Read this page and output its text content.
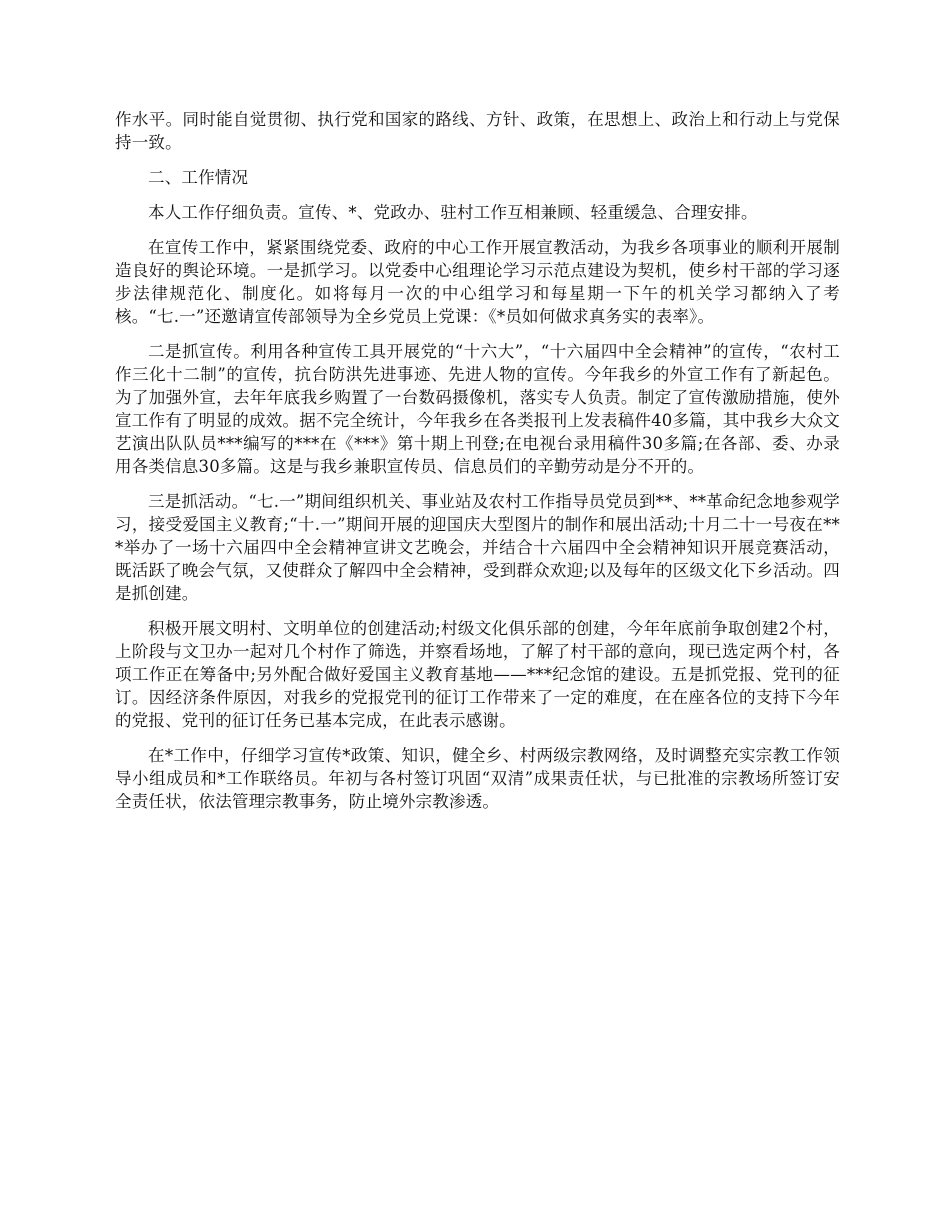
作水平。同时能自觉贯彻、执行党和国家的路线、方针、政策，在思想上、政治上和行动上与党保持一致。

二、工作情况

本人工作仔细负责。宣传、*、党政办、驻村工作互相兼顾、轻重缓急、合理安排。

在宣传工作中，紧紧围绕党委、政府的中心工作开展宣教活动，为我乡各项事业的顺利开展制造良好的舆论环境。一是抓学习。以党委中心组理论学习示范点建设为契机，使乡村干部的学习逐步法律规范化、制度化。如将每月一次的中心组学习和每星期一下午的机关学习都纳入了考核。“七.一”还邀请宣传部领导为全乡党员上党课：《*员如何做求真务实的表率》。

二是抓宣传。利用各种宣传工具开展党的“十六大”，“十六届四中全会精神”的宣传，“农村工作三化十二制”的宣传，抗台防洪先进事迹、先进人物的宣传。今年我乡的外宣工作有了新起色。为了加强外宣，去年年底我乡购置了一台数码摄像机，落实专人负责。制定了宣传激励措施，使外宣工作有了明显的成效。据不完全统计，今年我乡在各类报刊上发表稿件40多篇，其中我乡大众文艺演出队队员***编写的***在《***》第十期上刊登;在电视台录用稿件30多篇;在各部、委、办录用各类信息30多篇。这是与我乡兼职宣传员、信息员们的辛勤劳动是分不开的。

三是抓活动。“七.一”期间组织机关、事业站及农村工作指导员党员到**、**革命纪念地参观学习，接受爱国主义教育;“十.一”期间开展的迎国庆大型图片的制作和展出活动;十月二十一号夜在***举办了一场十六届四中全会精神宣讲文艺晚会，并结合十六届四中全会精神知识开展竞赛活动，既活跃了晚会气氛，又使群众了解四中全会精神，受到群众欢迎;以及每年的区级文化下乡活动。四是抓创建。

积极开展文明村、文明单位的创建活动;村级文化俱乐部的创建，今年年底前争取创建2个村，上阶段与文卫办一起对几个村作了筛选，并察看场地，了解了村干部的意向，现已选定两个村，各项工作正在筹备中;另外配合做好爱国主义教育基地——***纪念馆的建设。五是抓党报、党刊的征订。因经济条件原因，对我乡的党报党刊的征订工作带来了一定的难度，在在座各位的支持下今年的党报、党刊的征订任务已基本完成，在此表示感谢。

在*工作中，仔细学习宣传*政策、知识，健全乡、村两级宗教网络，及时调整充实宗教工作领导小组成员和*工作联络员。年初与各村签订巩固“双清”成果责任状，与已批准的宗教场所签订安全责任状，依法管理宗教事务，防止境外宗教渗透。
